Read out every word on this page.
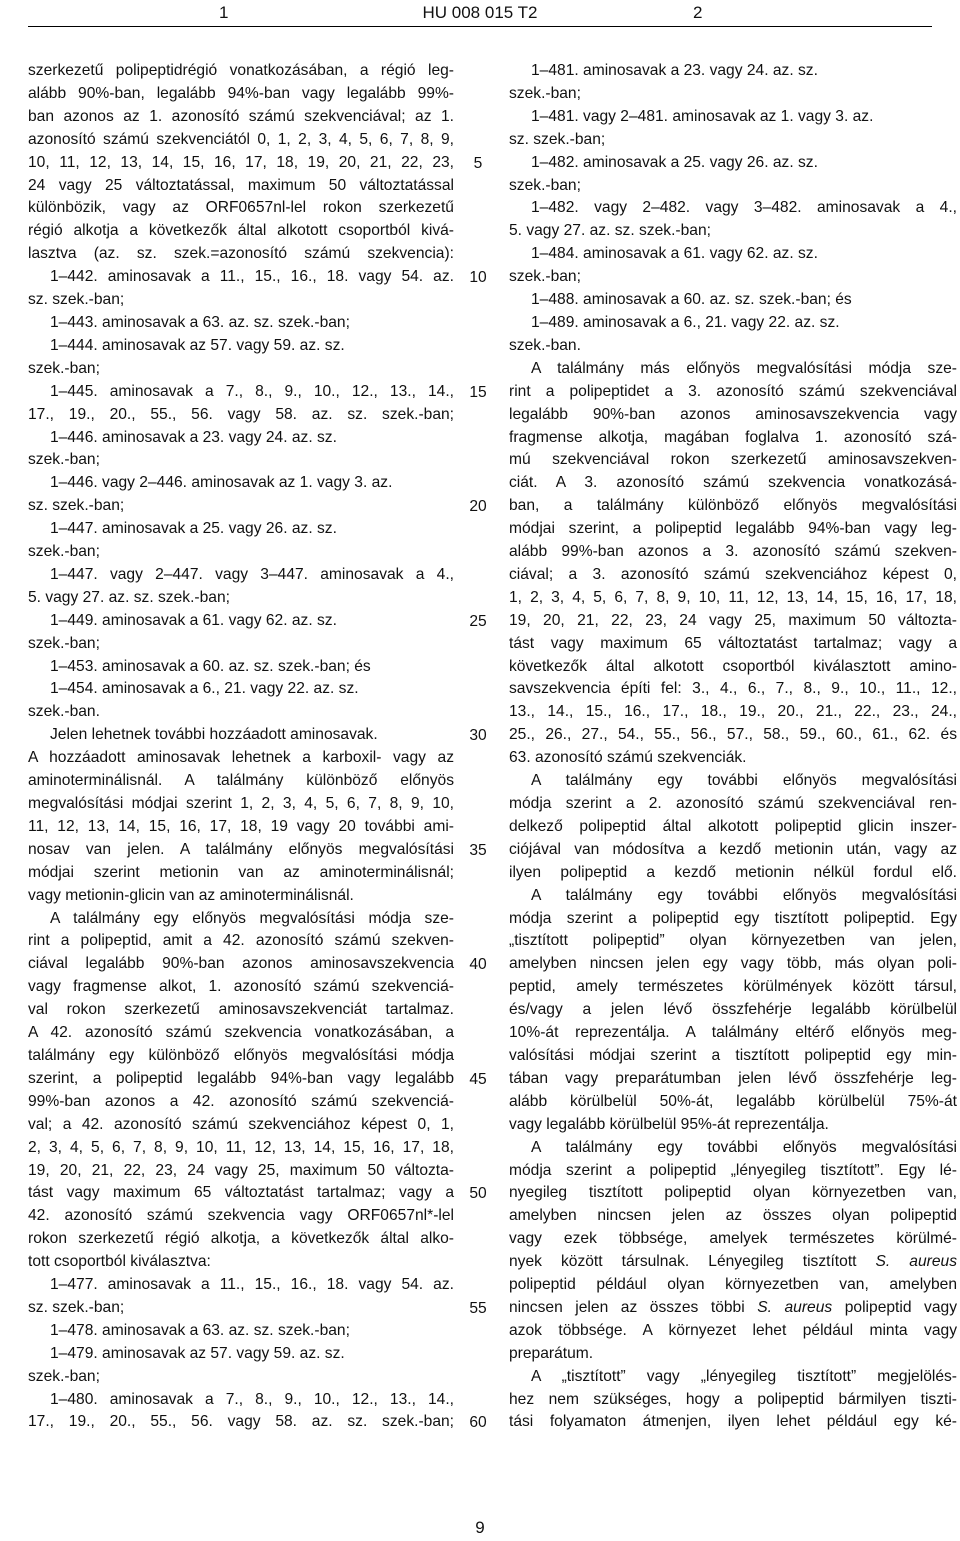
1	HU 008 015 T2	2

szerkezetű polipeptidrégió vonatkozásában, a régió leg-

alább 90%-ban, legalább 94%-ban vagy legalább 99%-

ban azonos az 1. azonosító számú szekvenciával; az 1.

azonosító számú szekvenciától 0, 1, 2, 3, 4, 5, 6, 7, 8, 9,

10, 11, 12, 13, 14, 15, 16, 17, 18, 19, 20, 21, 22, 23,

24 vagy 25 változtatással, maximum 50 változtatással

különbözik, vagy az ORF0657nl-lel rokon szerkezetű

régió alkotja a következők által alkotott csoportból kivá-

lasztva (az. sz. szek.=azonosító számú szekvencia):

1–442. aminosavak a 11., 15., 16., 18. vagy 54. az.

sz. szek.-ban;

1–443. aminosavak a 63. az. sz. szek.-ban;

1–444. aminosavak az 57. vagy 59. az. sz.

szek.-ban;

1–445. aminosavak a 7., 8., 9., 10., 12., 13., 14.,

17., 19., 20., 55., 56. vagy 58. az. sz. szek.-ban;

1–446. aminosavak a 23. vagy 24. az. sz.

szek.-ban;

1–446. vagy 2–446. aminosavak az 1. vagy 3. az.

sz. szek.-ban;

1–447. aminosavak a 25. vagy 26. az. sz.

szek.-ban;

1–447. vagy 2–447. vagy 3–447. aminosavak a 4.,

5. vagy 27. az. sz. szek.-ban;

1–449. aminosavak a 61. vagy 62. az. sz.

szek.-ban;

1–453. aminosavak a 60. az. sz. szek.-ban; és

1–454. aminosavak a 6., 21. vagy 22. az. sz.

szek.-ban.

Jelen lehetnek további hozzáadott aminosavak.

A hozzáadott aminosavak lehetnek a karboxil- vagy az

aminoterminálisnál. A találmány különböző előnyös

megvalósítási módjai szerint 1, 2, 3, 4, 5, 6, 7, 8, 9, 10,

11, 12, 13, 14, 15, 16, 17, 18, 19 vagy 20 további ami-

nosav van jelen. A találmány előnyös megvalósítási

módjai szerint metionin van az aminoterminálisnál;

vagy metionin-glicin van az aminoterminálisnál.

A találmány egy előnyös megvalósítási módja sze-

rint a polipeptid, amit a 42. azonosító számú szekven-

ciával legalább 90%-ban azonos aminosavszekvencia

vagy fragmense alkot, 1. azonosító számú szekvenciá-

val rokon szerkezetű aminosavszekvenciát tartalmaz.

A 42. azonosító számú szekvencia vonatkozásában, a

találmány egy különböző előnyös megvalósítási módja

szerint, a polipeptid legalább 94%-ban vagy legalább

99%-ban azonos a 42. azonosító számú szekvenciá-

val; a 42. azonosító számú szekvenciához képest 0, 1,

2, 3, 4, 5, 6, 7, 8, 9, 10, 11, 12, 13, 14, 15, 16, 17, 18,

19, 20, 21, 22, 23, 24 vagy 25, maximum 50 változta-

tást vagy maximum 65 változtatást tartalmaz; vagy a

42. azonosító számú szekvencia vagy ORF0657nl*-lel

rokon szerkezetű régió alkotja, a következők által alko-

tott csoportból kiválasztva:

1–477. aminosavak a 11., 15., 16., 18. vagy 54. az.

sz. szek.-ban;

1–478. aminosavak a 63. az. sz. szek.-ban;

1–479. aminosavak az 57. vagy 59. az. sz.

szek.-ban;

1–480. aminosavak a 7., 8., 9., 10., 12., 13., 14.,

17., 19., 20., 55., 56. vagy 58. az. sz. szek.-ban;

1–481. aminosavak a 23. vagy 24. az. sz.

szek.-ban;

1–481. vagy 2–481. aminosavak az 1. vagy 3. az.

sz. szek.-ban;

1–482. aminosavak a 25. vagy 26. az. sz.

szek.-ban;

1–482. vagy 2–482. vagy 3–482. aminosavak a 4.,

5. vagy 27. az. sz. szek.-ban;

1–484. aminosavak a 61. vagy 62. az. sz.

szek.-ban;

1–488. aminosavak a 60. az. sz. szek.-ban; és

1–489. aminosavak a 6., 21. vagy 22. az. sz.

szek.-ban.

A találmány más előnyös megvalósítási módja sze-

rint a polipeptidet a 3. azonosító számú szekvenciával

legalább 90%-ban azonos aminosavszekvencia vagy

fragmense alkotja, magában foglalva 1. azonosító szá-

mú szekvenciával rokon szerkezetű aminosavszekven-

ciát. A 3. azonosító számú szekvencia vonatkozásá-

ban, a találmány különböző előnyös megvalósítási

módjai szerint, a polipeptid legalább 94%-ban vagy leg-

alább 99%-ban azonos a 3. azonosító számú szekven-

ciával; a 3. azonosító számú szekvenciához képest 0,

1, 2, 3, 4, 5, 6, 7, 8, 9, 10, 11, 12, 13, 14, 15, 16, 17, 18,

19, 20, 21, 22, 23, 24 vagy 25, maximum 50 változta-

tást vagy maximum 65 változtatást tartalmaz; vagy a

következők által alkotott csoportból kiválasztott amino-

savszekvencia építi fel: 3., 4., 6., 7., 8., 9., 10., 11., 12.,

13., 14., 15., 16., 17., 18., 19., 20., 21., 22., 23., 24.,

25., 26., 27., 54., 55., 56., 57., 58., 59., 60., 61., 62. és

63. azonosító számú szekvenciák.

A találmány egy további előnyös megvalósítási

módja szerint a 2. azonosító számú szekvenciával ren-

delkező polipeptid által alkotott polipeptid glicin inszer-

ciójával van módosítva a kezdő metionin után, vagy az

ilyen polipeptid a kezdő metionin nélkül fordul elő.

A találmány egy további előnyös megvalósítási

módja szerint a polipeptid egy tisztított polipeptid. Egy

„tisztított polipeptid” olyan környezetben van jelen,

amelyben nincsen jelen egy vagy több, más olyan poli-

peptid, amely természetes körülmények között társul,

és/vagy a jelen lévő összfehérje legalább körülbelül

10%-át reprezentálja. A találmány eltérő előnyös meg-

valósítási módjai szerint a tisztított polipeptid egy min-

tában vagy preparátumban jelen lévő összfehérje leg-

alább körülbelül 50%-át, legalább körülbelül 75%-át

vagy legalább körülbelül 95%-át reprezentálja.

A találmány egy további előnyös megvalósítási

módja szerint a polipeptid „lényegileg tisztított”. Egy lé-

nyegileg tisztított polipeptid olyan környezetben van,

amelyben nincsen jelen az összes olyan polipeptid

vagy ezek többsége, amelyek természetes körülmé-

nyek között társulnak. Lényegileg tisztított S. aureus

polipeptid például olyan környezetben van, amelyben

nincsen jelen az összes többi S. aureus polipeptid vagy

azok többsége. A környezet lehet például minta vagy

preparátum.

A „tisztított” vagy „lényegileg tisztított” megjelölés-

hez nem szükséges, hogy a polipeptid bármilyen tiszti-

tási folyamaton átmenjen, ilyen lehet például egy ké-

5
10
15
20
25
30
35
40
45
50
55
60
9
